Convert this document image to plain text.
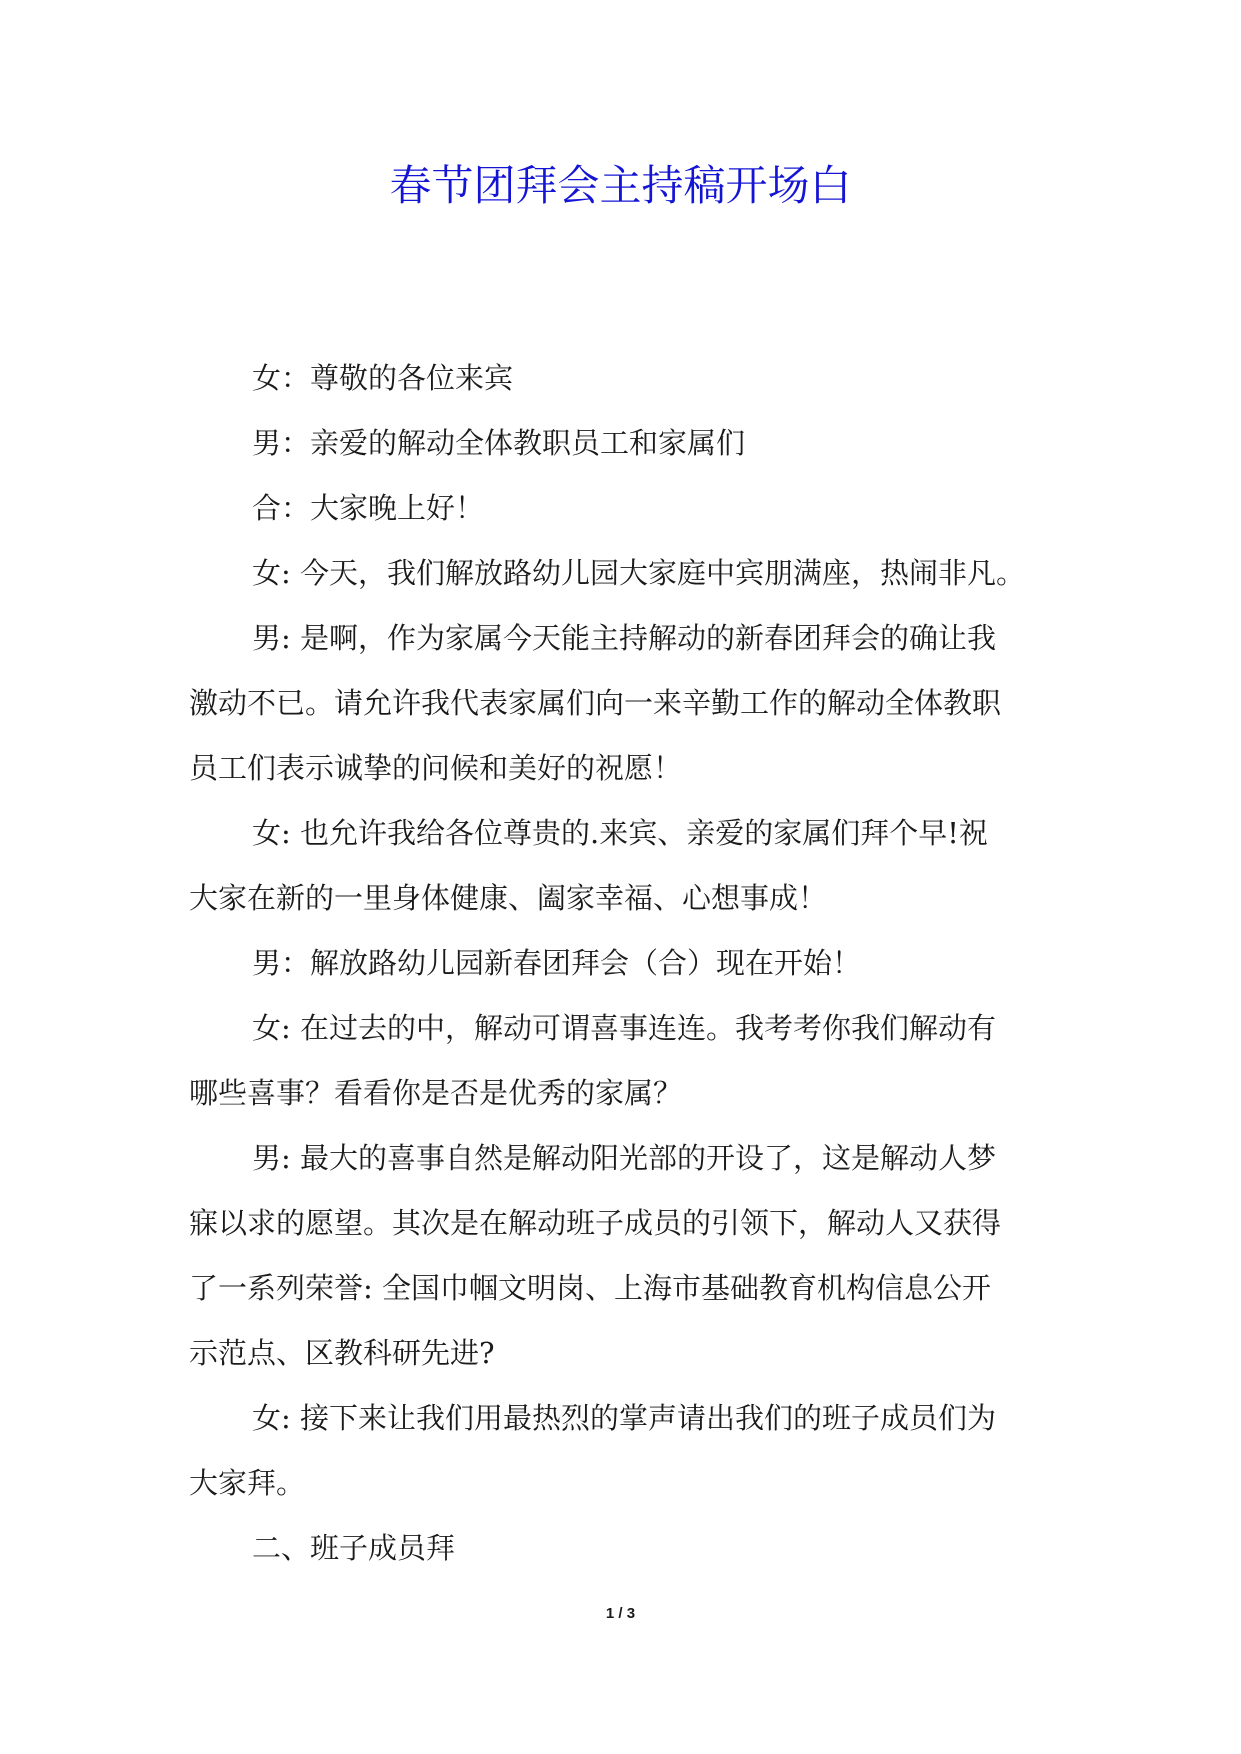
春节团拜会主持稿开场白

女：尊敬的各位来宾

男：亲爱的解动全体教职员工和家属们

合：大家晚上好！

女: 今天，我们解放路幼儿园大家庭中宾朋满座，热闹非凡。

男: 是啊，作为家属今天能主持解动的新春团拜会的确让我

激动不已。请允许我代表家属们向一来辛勤工作的解动全体教职

员工们表示诚挚的问候和美好的祝愿！

女: 也允许我给各位尊贵的.来宾、亲爱的家属们拜个早!祝

大家在新的一里身体健康、阖家幸福、心想事成！

男：解放路幼儿园新春团拜会（合）现在开始！

女: 在过去的中，解动可谓喜事连连。我考考你我们解动有

哪些喜事？看看你是否是优秀的家属？

男: 最大的喜事自然是解动阳光部的开设了，这是解动人梦

寐以求的愿望。其次是在解动班子成员的引领下，解动人又获得

了一系列荣誉: 全国巾帼文明岗、上海市基础教育机构信息公开

示范点、区教科研先进?

女: 接下来让我们用最热烈的掌声请出我们的班子成员们为

大家拜。

二、班子成员拜

1 / 3
